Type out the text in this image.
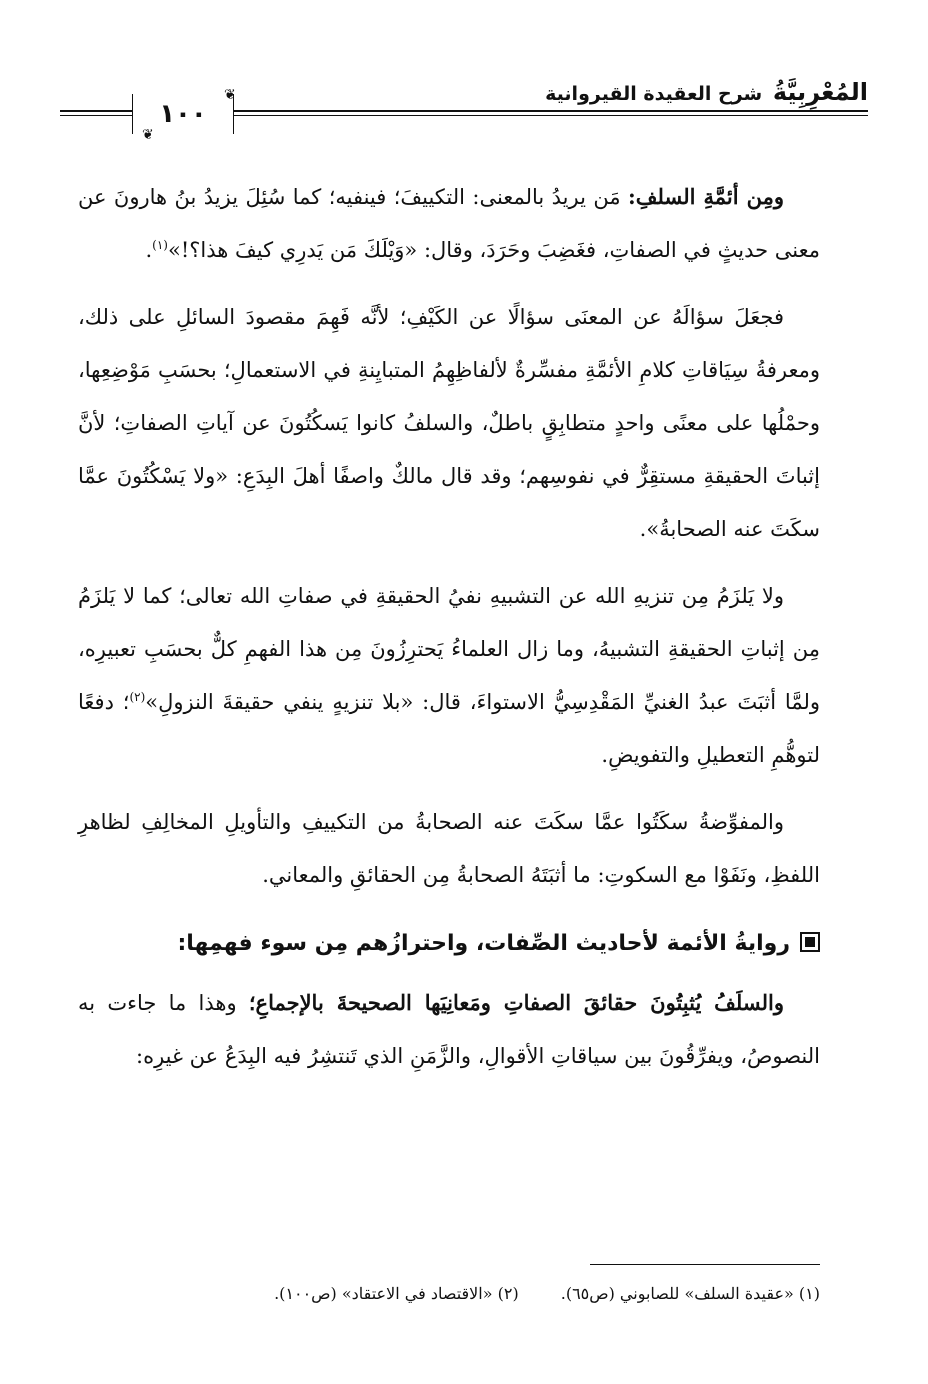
المُعْرِبِيَّةُ شرح العقيدة القيروانية
١٠٠
❦
❦

ومِن أئمَّةِ السلفِ: مَن يريدُ بالمعنى: التكييفَ؛ فينفيه؛ كما سُئِلَ يزيدُ بنُ هارونَ عن معنى حديثٍ في الصفاتِ، فغَضِبَ وحَرَدَ، وقال: «وَيْلَكَ مَن يَدرِي كيفَ هذا؟!»$^{(١)}$.

فجعَلَ سؤالَهُ عن المعنَى سؤالًا عن الكَيْفِ؛ لأنَّه فَهِمَ مقصودَ السائلِ على ذلك، ومعرفةُ سِيَاقاتِ كلامِ الأئمَّةِ مفسِّرةٌ لألفاظِهِمُ المتبايِنةِ في الاستعمالِ؛ بحسَبِ مَوْضِعِها، وحمْلُها على معنًى واحدٍ متطابِقٍ باطلٌ، والسلفُ كانوا يَسكُتُونَ عن آياتِ الصفاتِ؛ لأنَّ إثباتَ الحقيقةِ مستقِرٌّ في نفوسِهم؛ وقد قال مالكٌ واصفًا أهلَ البِدَعِ: «ولا يَسْكُتُونَ عمَّا سكَتَ عنه الصحابةُ».

ولا يَلزَمُ مِن تنزيهِ الله عن التشبيهِ نفيُ الحقيقةِ في صفاتِ الله تعالى؛ كما لا يَلزَمُ مِن إثباتِ الحقيقةِ التشبيهُ، وما زال العلماءُ يَحترِزُونَ مِن هذا الفهمِ كلٌّ بحسَبِ تعبيرِه، ولمَّا أثبَتَ عبدُ الغنيِّ المَقْدِسِيُّ الاستواءَ، قال: «بلا تنزيهٍ ينفي حقيقةَ النزولِ»$^{(٢)}$؛ دفعًا لتوهُّمِ التعطيلِ والتفويضِ.

والمفوِّضةُ سكَتُوا عمَّا سكَتَ عنه الصحابةُ من التكييفِ والتأويلِ المخالِفِ لظاهرِ اللفظِ، ونَفَوْا مع السكوتِ: ما أثبَتَهُ الصحابةُ مِن الحقائقِ والمعاني.

روايةُ الأئمة لأحاديث الصِّفات، واحترازُهم مِن سوء فهمِها:

والسلَفُ يُثبِتُونَ حقائقَ الصفاتِ ومَعانِيَها الصحيحةَ بالإجماعِ؛ وهذا ما جاءت به النصوصُ، ويفرِّقُونَ بين سياقاتِ الأقوالِ، والزَّمَنِ الذي تَنتشِرُ فيه البِدَعُ عن غيرِه:

(١) «عقيدة السلف» للصابوني (ص٦٥).(٢) «الاقتصاد في الاعتقاد» (ص١٠٠).
